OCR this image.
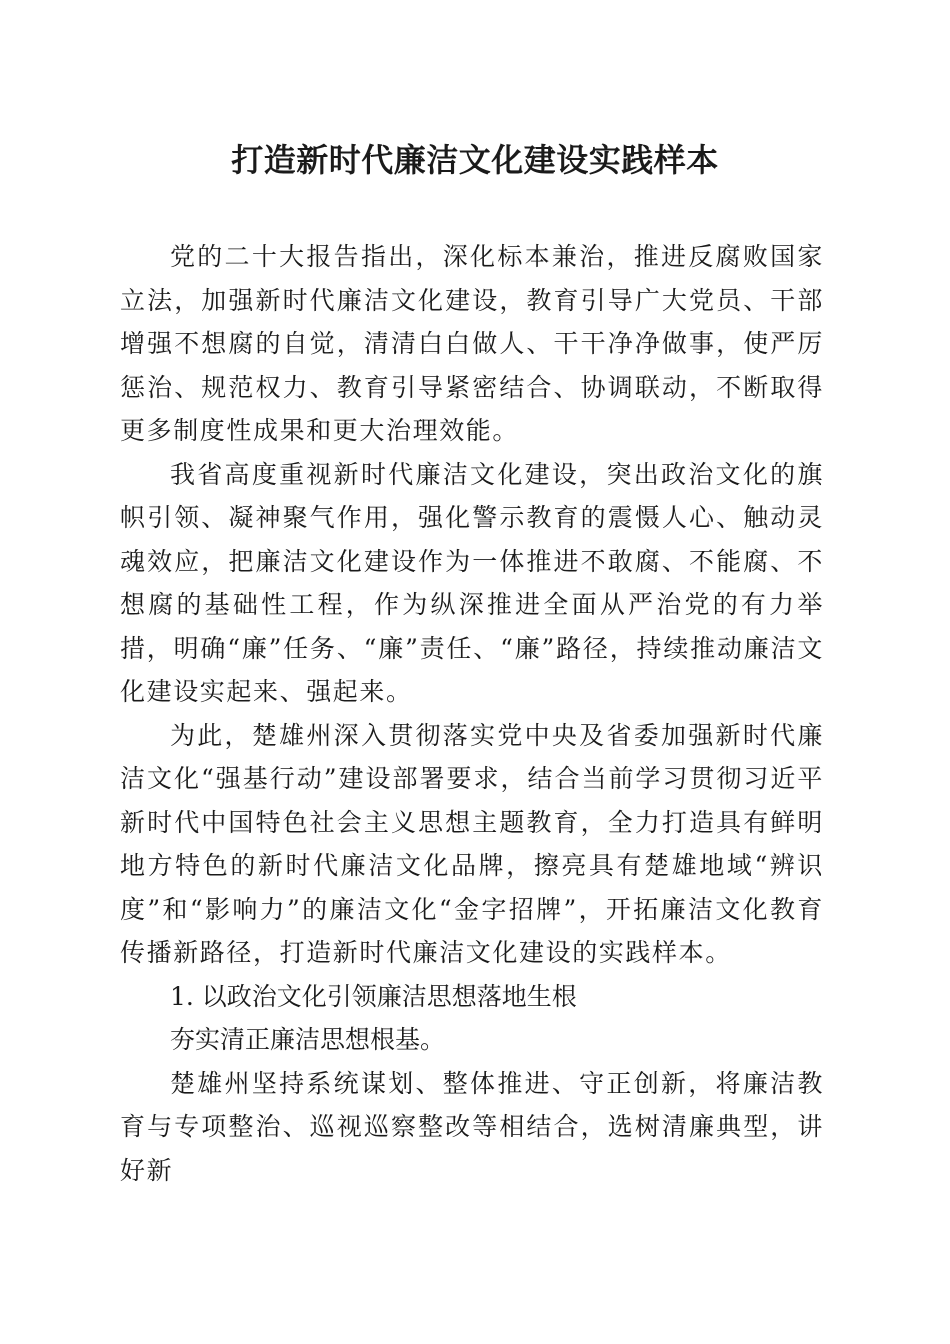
打造新时代廉洁文化建设实践样本

党的二十大报告指出，深化标本兼治，推进反腐败国家立法，加强新时代廉洁文化建设，教育引导广大党员、干部增强不想腐的自觉，清清白白做人、干干净净做事，使严厉惩治、规范权力、教育引导紧密结合、协调联动，不断取得更多制度性成果和更大治理效能。

我省高度重视新时代廉洁文化建设，突出政治文化的旗帜引领、凝神聚气作用，强化警示教育的震慑人心、触动灵魂效应，把廉洁文化建设作为一体推进不敢腐、不能腐、不想腐的基础性工程，作为纵深推进全面从严治党的有力举措，明确“廉”任务、“廉”责任、“廉”路径，持续推动廉洁文化建设实起来、强起来。

为此，楚雄州深入贯彻落实党中央及省委加强新时代廉洁文化“强基行动”建设部署要求，结合当前学习贯彻习近平新时代中国特色社会主义思想主题教育，全力打造具有鲜明地方特色的新时代廉洁文化品牌，擦亮具有楚雄地域“辨识度”和“影响力”的廉洁文化“金字招牌”，开拓廉洁文化教育传播新路径，打造新时代廉洁文化建设的实践样本。

1. 以政治文化引领廉洁思想落地生根

夯实清正廉洁思想根基。

楚雄州坚持系统谋划、整体推进、守正创新，将廉洁教育与专项整治、巡视巡察整改等相结合，选树清廉典型，讲好新
